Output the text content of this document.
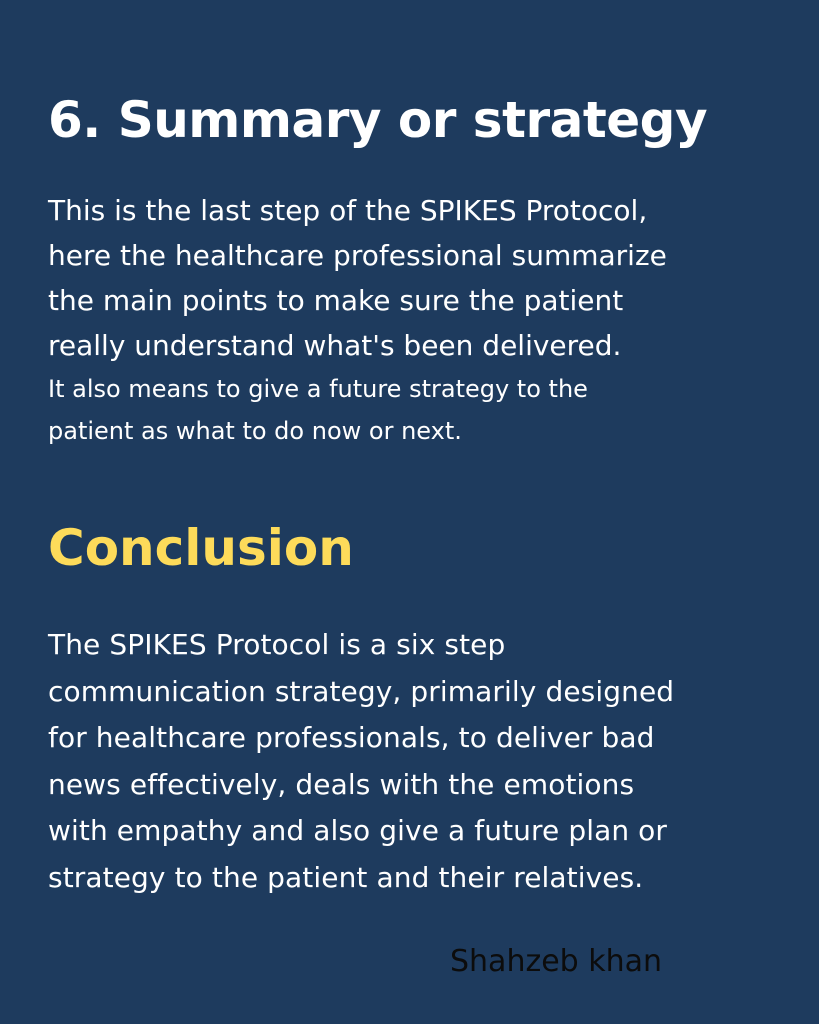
6. Summary or strategy

This is the last step of the SPIKES Protocol,
here the healthcare professional summarize
the main points to make sure the patient
really understand what's been delivered.

It also means to give a future strategy to the
patient as what to do now or next.

Conclusion

The SPIKES Protocol is a six step
communication strategy, primarily designed
for healthcare professionals, to deliver bad
news effectively, deals with the emotions
with empathy and also give a future plan or
strategy to the patient and their relatives.

Shahzeb khan
